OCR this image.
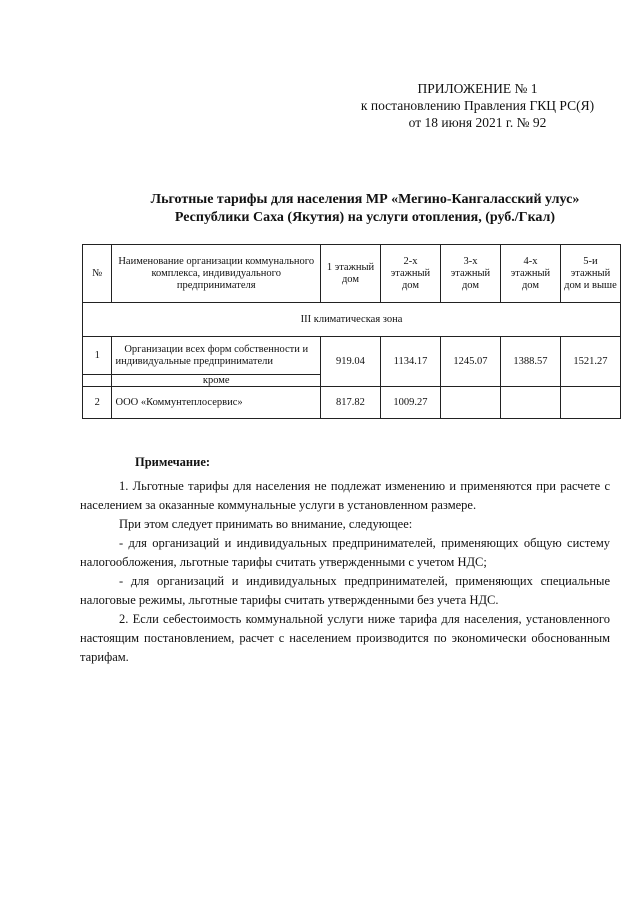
ПРИЛОЖЕНИЕ № 1
к постановлению Правления ГКЦ РС(Я)
от 18 июня 2021 г. № 92
Льготные тарифы для населения МР «Мегино-Кангаласский улус»
Республики Саха (Якутия) на услуги отопления, (руб./Гкал)
№	Наименование организации коммунального комплекса, индивидуального предпринимателя	1 этажный дом	2-х этажный дом	3-х этажный дом	4-х этажный дом	5-и этажный дом и выше
III климатическая зона						
1	Организации всех форм собственности и индивидуальные предприниматели	919.04	1134.17	1245.07	1388.57	1521.27
	кроме					
2	ООО «Коммунтеплосервис»	817.82	1009.27			
Примечание:

1. Льготные тарифы для населения не подлежат изменению и применяются при расчете с населением за оказанные коммунальные услуги в установленном размере.

При этом следует принимать во внимание, следующее:

- для организаций и индивидуальных предпринимателей, применяющих общую систему налогообложения, льготные тарифы считать утвержденными с учетом НДС;

- для организаций и индивидуальных предпринимателей, применяющих специальные налоговые режимы, льготные тарифы считать утвержденными без учета НДС.

2. Если себестоимость коммунальной услуги ниже тарифа для населения, установленного настоящим постановлением, расчет с населением производится по экономически обоснованным тарифам.
